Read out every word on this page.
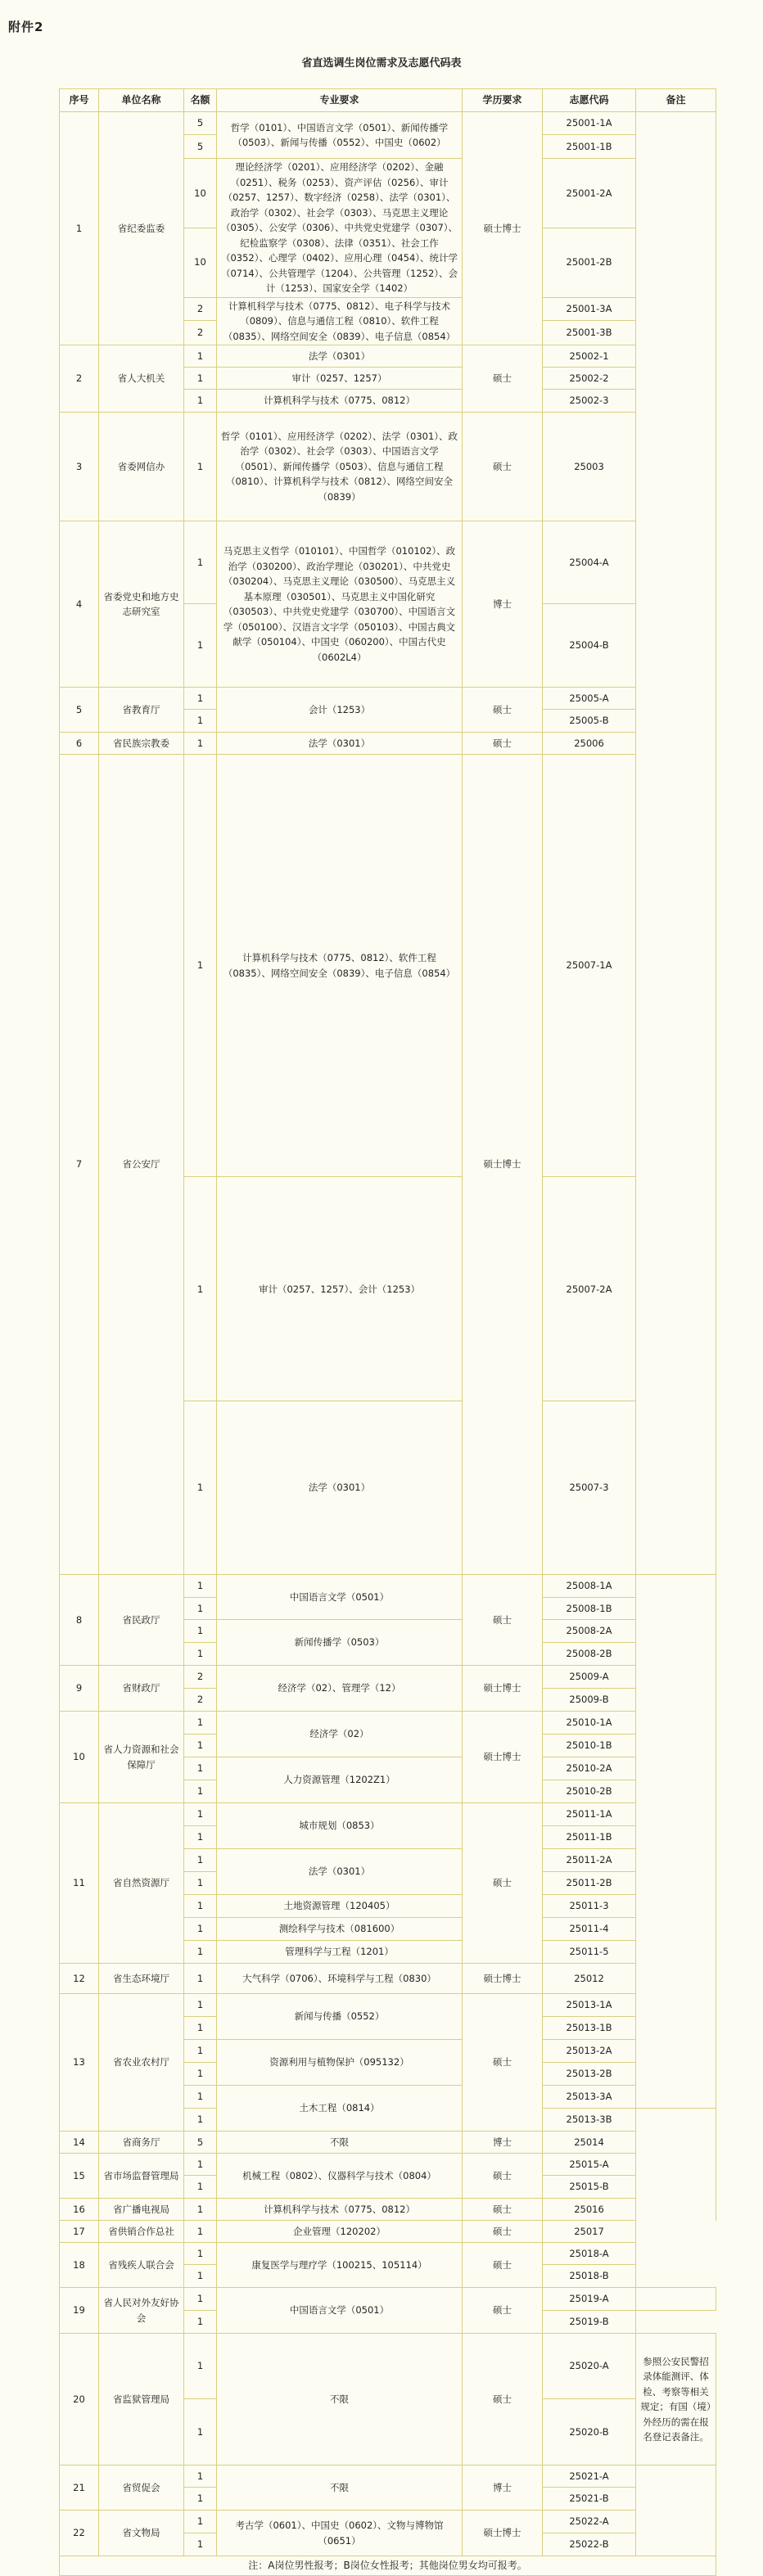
附件2
省直选调生岗位需求及志愿代码表
序号	单位名称	名额	专业要求	学历要求	志愿代码	备注	
1	省纪委监委	5	哲学（0101）、中国语言文学（0501）、新闻传播学（0503）、新闻与传播（0552）、中国史（0602）	硕士博士	25001-1A		
		5			25001-1B		
		10	理论经济学（0201）、应用经济学（0202）、金融（0251）、税务（0253）、资产评估（0256）、审计（0257、1257）、数字经济（0258）、法学（0301）、政治学（0302）、社会学（0303）、马克思主义理论（0305）、公安学（0306）、中共党史党建学（0307）、纪检监察学（0308）、法律（0351）、社会工作（0352）、心理学（0402）、应用心理（0454）、统计学（0714）、公共管理学（1204）、公共管理（1252）、会计（1253）、国家安全学（1402）		25001-2A		
		10			25001-2B		
		2	计算机科学与技术（0775、0812）、电子科学与技术（0809）、信息与通信工程（0810）、软件工程（0835）、网络空间安全（0839）、电子信息（0854）		25001-3A		
		2			25001-3B		
2	省人大机关	1	法学（0301）	硕士	25002-1		
		1	审计（0257、1257）		25002-2		
		1	计算机科学与技术（0775、0812）		25002-3		
3	省委网信办	1	哲学（0101）、应用经济学（0202）、法学（0301）、政治学（0302）、社会学（0303）、中国语言文学（0501）、新闻传播学（0503）、信息与通信工程（0810）、计算机科学与技术（0812）、网络空间安全（0839）	硕士	25003		
4	省委党史和地方史志研究室	1	马克思主义哲学（010101）、中国哲学（010102）、政治学（030200）、政治学理论（030201）、中共党史（030204）、马克思主义理论（030500）、马克思主义基本原理（030501）、马克思主义中国化研究（030503）、中共党史党建学（030700）、中国语言文学（050100）、汉语言文字学（050103）、中国古典文献学（050104）、中国史（060200）、中国古代史（0602L4）	博士	25004-A		
		1			25004-B		
5	省教育厅	1	会计（1253）	硕士	25005-A		
		1			25005-B		
6	省民族宗教委	1	法学（0301）	硕士	25006		
7	省公安厅	1	计算机科学与技术（0775、0812）、软件工程（0835）、网络空间安全（0839）、电子信息（0854）	硕士博士	25007-1A	
		1	审计（0257、1257）、会计（1253）		25007-2A		
		1	法学（0301）		25007-3		
8	省民政厅	1	中国语言文学（0501）	硕士	25008-1A		
		1			25008-1B		
		1	新闻传播学（0503）		25008-2A		
		1			25008-2B		
9	省财政厅	2	经济学（02）、管理学（12）	硕士博士	25009-A		
		2			25009-B		
10	省人力资源和社会保障厅	1	经济学（02）	硕士博士	25010-1A		
		1			25010-1B		
		1	人力资源管理（1202Z1）		25010-2A		
		1			25010-2B		
11	省自然资源厅	1	城市规划（0853）	硕士	25011-1A		
		1			25011-1B		
		1	法学（0301）		25011-2A		
		1			25011-2B		
		1	土地资源管理（120405）		25011-3		
		1	测绘科学与技术（081600）		25011-4		
		1	管理科学与工程（1201）		25011-5		
12	省生态环境厅	1	大气科学（0706）、环境科学与工程（0830）	硕士博士	25012		
13	省农业农村厅	1	新闻与传播（0552）	硕士	25013-1A		
		1			25013-1B		
		1	资源利用与植物保护（095132）		25013-2A		
		1			25013-2B		
		1	土木工程（0814）		25013-3A		
		1			25013-3B		
14	省商务厅	5	不限	博士	25014		
15	省市场监督管理局	1	机械工程（0802）、仪器科学与技术（0804）	硕士	25015-A		
		1			25015-B		
16	省广播电视局	1	计算机科学与技术（0775、0812）	硕士	25016		
17	省供销合作总社	1	企业管理（120202）	硕士	25017		
18	省残疾人联合会	1	康复医学与理疗学（100215、105114）	硕士	25018-A		
		1			25018-B		
19	省人民对外友好协会	1	中国语言文学（0501）	硕士	25019-A		
		1			25019-B		
20	省监狱管理局	1	不限	硕士	25020-A	参照公安民警招录体能测评、体检、考察等相关规定；有国（境）外经历的需在报名登记表备注。	
		1			25020-B		
21	省贸促会	1	不限	博士	25021-A		
		1			25021-B		
22	省文物局	1	考古学（0601）、中国史（0602）、文物与博物馆（0651）	硕士博士	25022-A		
		1			25022-B		
注：A岗位男性报考；B岗位女性报考；其他岗位男女均可报考。							
